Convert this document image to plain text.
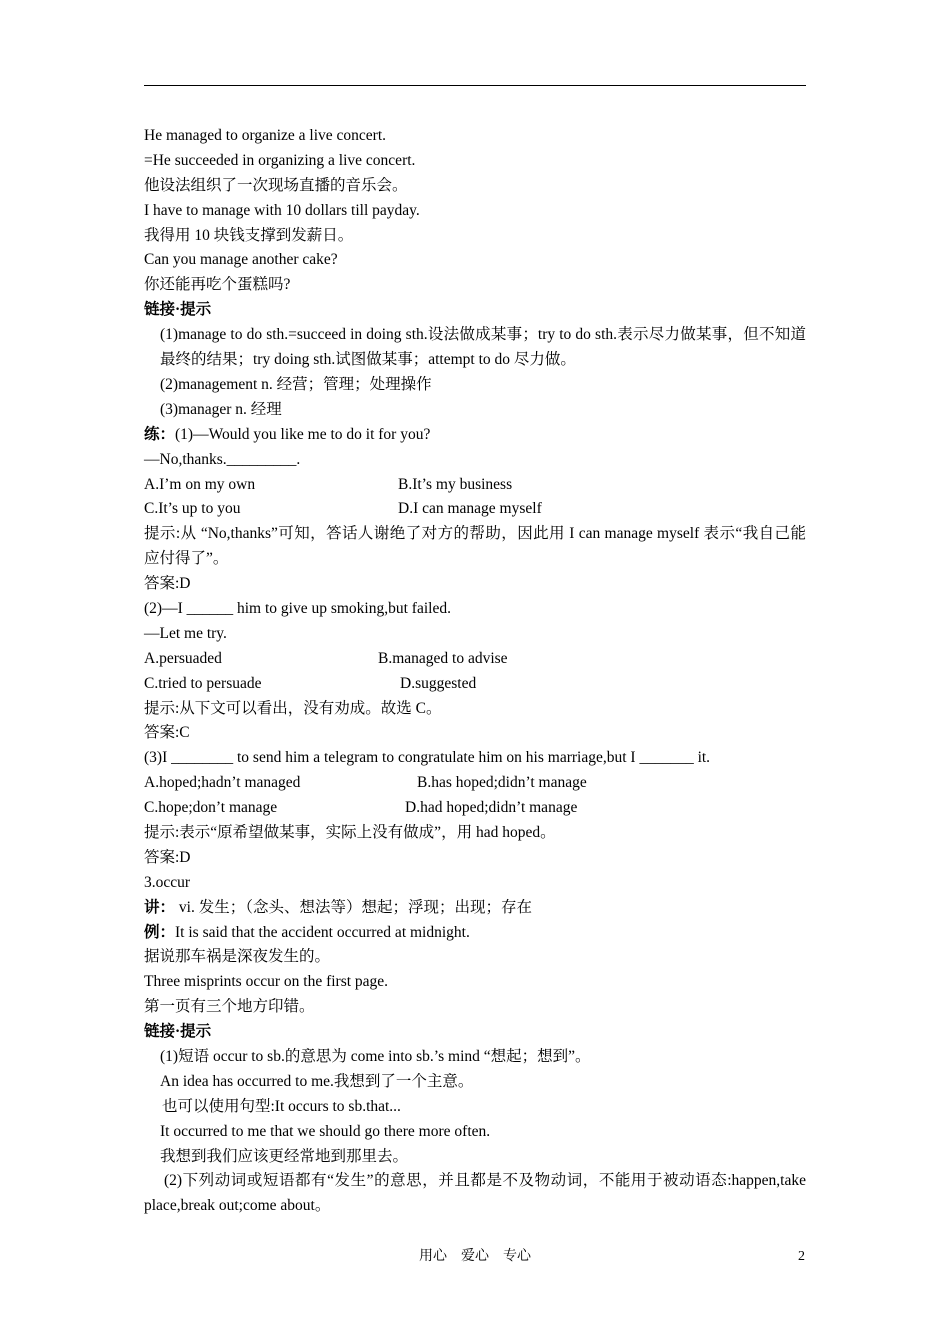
He managed to organize a live concert.
=He succeeded in organizing a live concert.
他设法组织了一次现场直播的音乐会。
I have to manage with 10 dollars till payday.
我得用 10 块钱支撑到发薪日。
Can you manage another cake?
你还能再吃个蛋糕吗?
链接·提示
(1)manage to do sth.=succeed in doing sth.设法做成某事；try to do sth.表示尽力做某事，但不知道最终的结果；try doing sth.试图做某事；attempt to do 尽力做。
(2)management n. 经营；管理；处理操作
(3)manager n. 经理
练：(1)—Would you like me to do it for you?
—No,thanks._________.
A.I’m on my own	B.It’s my business
C.It’s up to you	D.I can manage myself
提示:从 “No,thanks”可知，答话人谢绝了对方的帮助，因此用 I can manage myself 表示“我自己能应付得了”。
答案:D
(2)—I ______ him to give up smoking,but failed.
—Let me try.
A.persuaded	B.managed to advise
C.tried to persuade	D.suggested
提示:从下文可以看出，没有劝成。故选 C。
答案:C
(3)I ________ to send him a telegram to congratulate him on his marriage,but I _______ it.
A.hoped;hadn’t managed	B.has hoped;didn’t manage
C.hope;don’t manage	D.had hoped;didn’t manage
提示:表示“原希望做某事，实际上没有做成”，用 had hoped。
答案:D
3.occur
讲： vi. 发生；（念头、想法等）想起；浮现；出现；存在
例：It is said that the accident occurred at midnight.
据说那车祸是深夜发生的。
Three misprints occur on the first page.
第一页有三个地方印错。
链接·提示
(1)短语 occur to sb.的意思为 come into sb.’s mind “想起；想到”。
An idea has occurred to me.我想到了一个主意。
也可以使用句型:It occurs to sb.that...
It occurred to me that we should go there more often.
我想到我们应该更经常地到那里去。
(2)下列动词或短语都有“发生”的意思，并且都是不及物动词，不能用于被动语态:happen,take place,break out;come about。
用心　爱心　专心	2
